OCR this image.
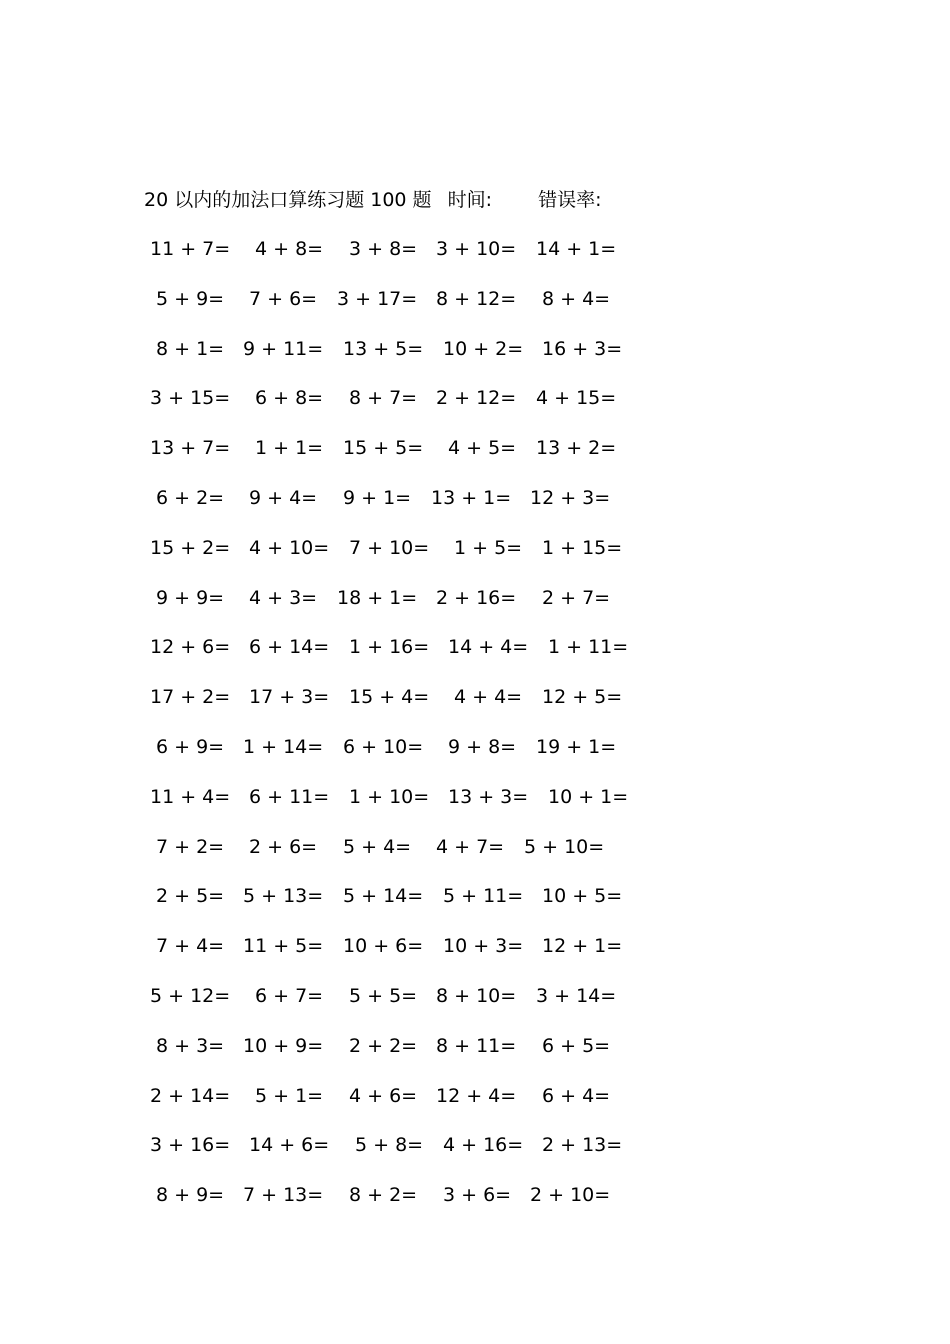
20 以内的加法口算练习题 100 题 时间: 错误率:
11 + 7= 4 + 8= 3 + 8= 3 + 10= 14 + 1=
5 + 9= 7 + 6= 3 + 17= 8 + 12= 8 + 4=
8 + 1= 9 + 11= 13 + 5= 10 + 2= 16 + 3=
3 + 15= 6 + 8= 8 + 7= 2 + 12= 4 + 15=
13 + 7= 1 + 1= 15 + 5= 4 + 5= 13 + 2=
6 + 2= 9 + 4= 9 + 1= 13 + 1= 12 + 3=
15 + 2= 4 + 10= 7 + 10= 1 + 5= 1 + 15=
9 + 9= 4 + 3= 18 + 1= 2 + 16= 2 + 7=
12 + 6= 6 + 14= 1 + 16= 14 + 4= 1 + 11=
17 + 2= 17 + 3= 15 + 4= 4 + 4= 12 + 5=
6 + 9= 1 + 14= 6 + 10= 9 + 8= 19 + 1=
11 + 4= 6 + 11= 1 + 10= 13 + 3= 10 + 1=
7 + 2= 2 + 6= 5 + 4= 4 + 7= 5 + 10=
2 + 5= 5 + 13= 5 + 14= 5 + 11= 10 + 5=
7 + 4= 11 + 5= 10 + 6= 10 + 3= 12 + 1=
5 + 12= 6 + 7= 5 + 5= 8 + 10= 3 + 14=
8 + 3= 10 + 9= 2 + 2= 8 + 11= 6 + 5=
2 + 14= 5 + 1= 4 + 6= 12 + 4= 6 + 4=
3 + 16= 14 + 6= 5 + 8= 4 + 16= 2 + 13=
8 + 9= 7 + 13= 8 + 2= 3 + 6= 2 + 10=
